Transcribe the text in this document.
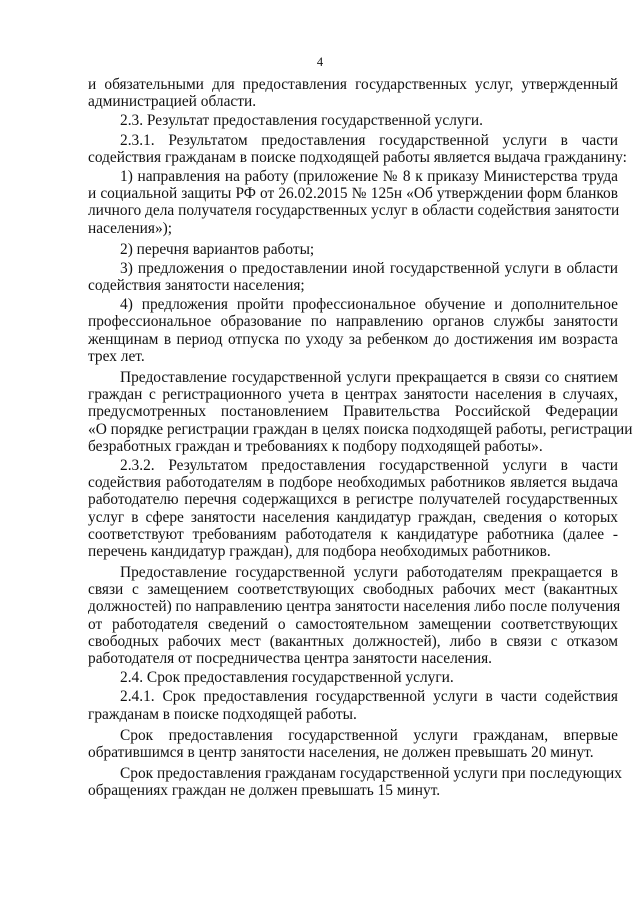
4
и обязательными для предоставления государственных услуг, утвержденный
администрацией области.
2.3. Результат предоставления государственной услуги.
2.3.1. Результатом предоставления государственной услуги в части
содействия гражданам в поиске подходящей работы является выдача гражданину:
1) направления на работу (приложение № 8 к приказу Министерства труда
и социальной защиты РФ от 26.02.2015 № 125н «Об утверждении форм бланков
личного дела получателя государственных услуг в области содействия занятости
населения»);
2) перечня вариантов работы;
3) предложения о предоставлении иной государственной услуги в области
содействия занятости населения;
4) предложения пройти профессиональное обучение и дополнительное
профессиональное образование по направлению органов службы занятости
женщинам в период отпуска по уходу за ребенком до достижения им возраста
трех лет.
Предоставление государственной услуги прекращается в связи со снятием
граждан с регистрационного учета в центрах занятости населения в случаях,
предусмотренных постановлением Правительства Российской Федерации
«О порядке регистрации граждан в целях поиска подходящей работы, регистрации
безработных граждан и требованиях к подбору подходящей работы».
2.3.2. Результатом предоставления государственной услуги в части
содействия работодателям в подборе необходимых работников является выдача
работодателю перечня содержащихся в регистре получателей государственных
услуг в сфере занятости населения кандидатур граждан, сведения о которых
соответствуют требованиям работодателя к кандидатуре работника (далее -
перечень кандидатур граждан), для подбора необходимых работников.
Предоставление государственной услуги работодателям прекращается в
связи с замещением соответствующих свободных рабочих мест (вакантных
должностей) по направлению центра занятости населения либо после получения
от работодателя сведений о самостоятельном замещении соответствующих
свободных рабочих мест (вакантных должностей), либо в связи с отказом
работодателя от посредничества центра занятости населения.
2.4. Срок предоставления государственной услуги.
2.4.1. Срок предоставления государственной услуги в части содействия
гражданам в поиске подходящей работы.
Срок предоставления государственной услуги гражданам, впервые
обратившимся в центр занятости населения, не должен превышать 20 минут.
Срок предоставления гражданам государственной услуги при последующих
обращениях граждан не должен превышать 15 минут.
